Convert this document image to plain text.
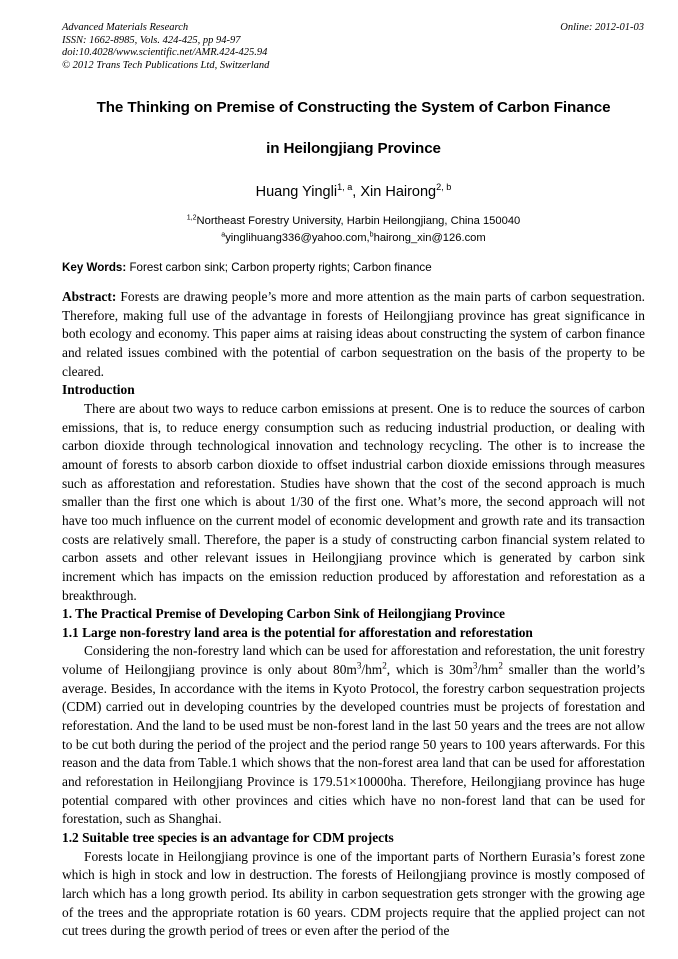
Advanced Materials Research
ISSN: 1662-8985, Vols. 424-425, pp 94-97
doi:10.4028/www.scientific.net/AMR.424-425.94
© 2012 Trans Tech Publications Ltd, Switzerland
Online: 2012-01-03
The Thinking on Premise of Constructing the System of Carbon Finance
in Heilongjiang Province
Huang Yingli$^{1, a}$, Xin Hairong$^{2, b}$
$^{1,2}$Northeast Forestry University, Harbin Heilongjiang, China 150040
$^a$yinglihuang336@yahoo.com,$^b$hairong_xin@126.com
Key Words: Forest carbon sink; Carbon property rights; Carbon finance
Abstract: Forests are drawing people’s more and more attention as the main parts of carbon sequestration. Therefore, making full use of the advantage in forests of Heilongjiang province has great significance in both ecology and economy. This paper aims at raising ideas about constructing the system of carbon finance and related issues combined with the potential of carbon sequestration on the basis of the property to be cleared.
Introduction
There are about two ways to reduce carbon emissions at present. One is to reduce the sources of carbon emissions, that is, to reduce energy consumption such as reducing industrial production, or dealing with carbon dioxide through technological innovation and technology recycling. The other is to increase the amount of forests to absorb carbon dioxide to offset industrial carbon dioxide emissions through measures such as afforestation and reforestation. Studies have shown that the cost of the second approach is much smaller than the first one which is about 1/30 of the first one. What’s more, the second approach will not have too much influence on the current model of economic development and growth rate and its transaction costs are relatively small. Therefore, the paper is a study of constructing carbon financial system related to carbon assets and other relevant issues in Heilongjiang province which is generated by carbon sink increment which has impacts on the emission reduction produced by afforestation and reforestation as a breakthrough.
1. The Practical Premise of Developing Carbon Sink of Heilongjiang Province
1.1 Large non-forestry land area is the potential for afforestation and reforestation
Considering the non-forestry land which can be used for afforestation and reforestation, the unit forestry volume of Heilongjiang province is only about $80m^3/hm^2$, which is $30m^3/hm^2$ smaller than the world’s average. Besides, In accordance with the items in Kyoto Protocol, the forestry carbon sequestration projects (CDM) carried out in developing countries by the developed countries must be projects of forestation and reforestation. And the land to be used must be non-forest land in the last 50 years and the trees are not allow to be cut both during the period of the project and the period range 50 years to 100 years afterwards. For this reason and the data from Table.1 which shows that the non-forest area land that can be used for afforestation and reforestation in Heilongjiang Province is 179.51×10000ha. Therefore, Heilongjiang province has huge potential compared with other provinces and cities which have no non-forest land that can be used for forestation, such as Shanghai.
1.2 Suitable tree species is an advantage for CDM projects
Forests locate in Heilongjiang province is one of the important parts of Northern Eurasia’s forest zone which is high in stock and low in destruction. The forests of Heilongjiang province is mostly composed of larch which has a long growth period. Its ability in carbon sequestration gets stronger with the growing age of the trees and the appropriate rotation is 60 years. CDM projects require that the applied project can not cut trees during the growth period of trees or even after the period of the
